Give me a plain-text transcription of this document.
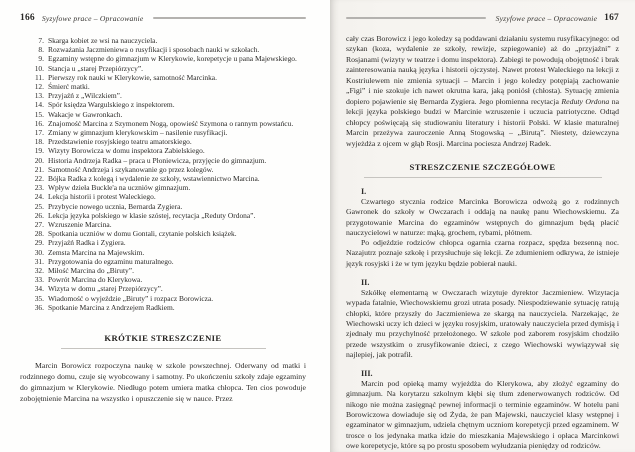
166 Syzyfowe prace – Opracowanie
7. Skarga kobiet ze wsi na nauczyciela.
8. Rozważania Jaczmieniewa o rusyfikacji i sposobach nauki w szkołach.
9. Egzaminy wstępne do gimnazjum w Klerykowie, korepetycje u pana Majewskiego.
10. Stancja u „starej Przepiórzycy”.
11. Pierwszy rok nauki w Klerykowie, samotność Marcinka.
12. Śmierć matki.
13. Przyjaźń z „Wilczkiem”.
14. Spór księdza Wargulskiego z inspektorem.
15. Wakacje w Gawronkach.
16. Znajomość Marcina z Szymonem Nogą, opowieść Szymona o rannym powstańcu.
17. Zmiany w gimnazjum klerykowskim – nasilenie rusyfikacji.
18. Przedstawienie rosyjskiego teatru amatorskiego.
19. Wizyty Borowicza w domu inspektora Zabielskiego.
20. Historia Andrzeja Radka – praca u Płoniewicza, przyjęcie do gimnazjum.
21. Samotność Andrzeja i szykanowanie go przez kolegów.
22. Bójka Radka z kolegą i wydalenie ze szkoły, wstawiennictwo Marcina.
23. Wpływ dzieła Buckle'a na uczniów gimnazjum.
24. Lekcja historii i protest Waleckiego.
25. Przybycie nowego ucznia, Bernarda Zygiera.
26. Lekcja języka polskiego w klasie szóstej, recytacja „Reduty Ordona”.
27. Wzruszenie Marcina.
28. Spotkania uczniów w domu Gontali, czytanie polskich książek.
29. Przyjaźń Radka i Zygiera.
30. Zemsta Marcina na Majewskim.
31. Przygotowania do egzaminu maturalnego.
32. Miłość Marcina do „Biruty”.
33. Powrót Marcina do Klerykowa.
34. Wizyta w domu „starej Przepiórzycy”.
35. Wiadomość o wyjeździe „Biruty” i rozpacz Borowicza.
36. Spotkanie Marcina z Andrzejem Radkiem.
KRÓTKIE STRESZCZENIE

Marcin Borowicz rozpoczyna naukę w szkole powszechnej. Oderwany od matki i rodzinnego domu, czuje się wyobcowany i samotny. Po ukończeniu szkoły zdaje egzaminy do gimnazjum w Klerykowie. Niedługo potem umiera matka chłopca. Ten cios powoduje zobojętnienie Marcina na wszystko i opuszczenie się w nauce. Przez

Syzyfowe prace – Opracowanie 167

cały czas Borowicz i jego koledzy są poddawani działaniu systemu rusyfikacyjnego: od szykan (koza, wydalenie ze szkoły, rewizje, szpiegowanie) aż do „przyjaźni” z Rosjanami (wizyty w teatrze i domu inspektora). Zabiegi te powodują obojętność i brak zainteresowania nauką języka i historii ojczystej. Nawet protest Waleckiego na lekcji z Kostriulewem nie zmienia sytuacji – Marcin i jego koledzy potępiają zachowanie „Figi” i nie szokuje ich nawet okrutna kara, jaką poniósł (chłosta). Sytuację zmienia dopiero pojawienie się Bernarda Zygiera. Jego płomienna recytacja Reduty Ordona na lekcji języka polskiego budzi w Marcinie wzruszenie i uczucia patriotyczne. Odtąd chłopcy poświęcają się studiowaniu literatury i historii Polski. W klasie maturalnej Marcin przeżywa zauroczenie Anną Stogowską – „Birutą”. Niestety, dziewczyna wyjeżdża z ojcem w głąb Rosji. Marcina pociesza Andrzej Radek.

STRESZCZENIE SZCZEGÓŁOWE
I.

Czwartego stycznia rodzice Marcinka Borowicza odwożą go z rodzinnych Gawronek do szkoły w Owczarach i oddają na naukę panu Wiechowskiemu. Za przygotowanie Marcina do egzaminów wstępnych do gimnazjum będą płacić nauczycielowi w naturze: mąką, grochem, rybami, płótnem.

Po odjeździe rodziców chłopca ogarnia czarna rozpacz, spędza bezsenną noc. Nazajutrz poznaje szkołę i przysłuchuje się lekcji. Ze zdumieniem odkrywa, że istnieje język rosyjski i że w tym języku będzie pobierał nauki.

II.

Szkółkę elementarną w Owczarach wizytuje dyrektor Jaczmieniew. Wizytacja wypada fatalnie, Wiechowskiemu grozi utrata posady. Niespodziewanie sytuację ratują chłopki, które przyszły do Jaczmieniewa ze skargą na nauczyciela. Narzekając, że Wiechowski uczy ich dzieci w języku rosyjskim, uratowały nauczyciela przed dymisją i zjednały mu przychylność przełożonego. W szkole pod zaborem rosyjskim chodziło przede wszystkim o zrusyfikowanie dzieci, z czego Wiechowski wywiązywał się najlepiej, jak potrafił.

III.

Marcin pod opieką mamy wyjeżdża do Klerykowa, aby złożyć egzaminy do gimnazjum. Na korytarzu szkolnym kłębi się tłum zdenerwowanych rodziców. Od nikogo nie można zasięgnąć pewnej informacji o terminie egzaminów. W hotelu pani Borowiczowa dowiaduje się od Żyda, że pan Majewski, nauczyciel klasy wstępnej i egzaminator w gimnazjum, udziela chętnym uczniom korepetycji przed egzaminem. W trosce o los jedynaka matka idzie do mieszkania Majewskiego i opłaca Marcinkowi owe korepetycje, które są po prostu sposobem wyłudzania pieniędzy od rodziców.
